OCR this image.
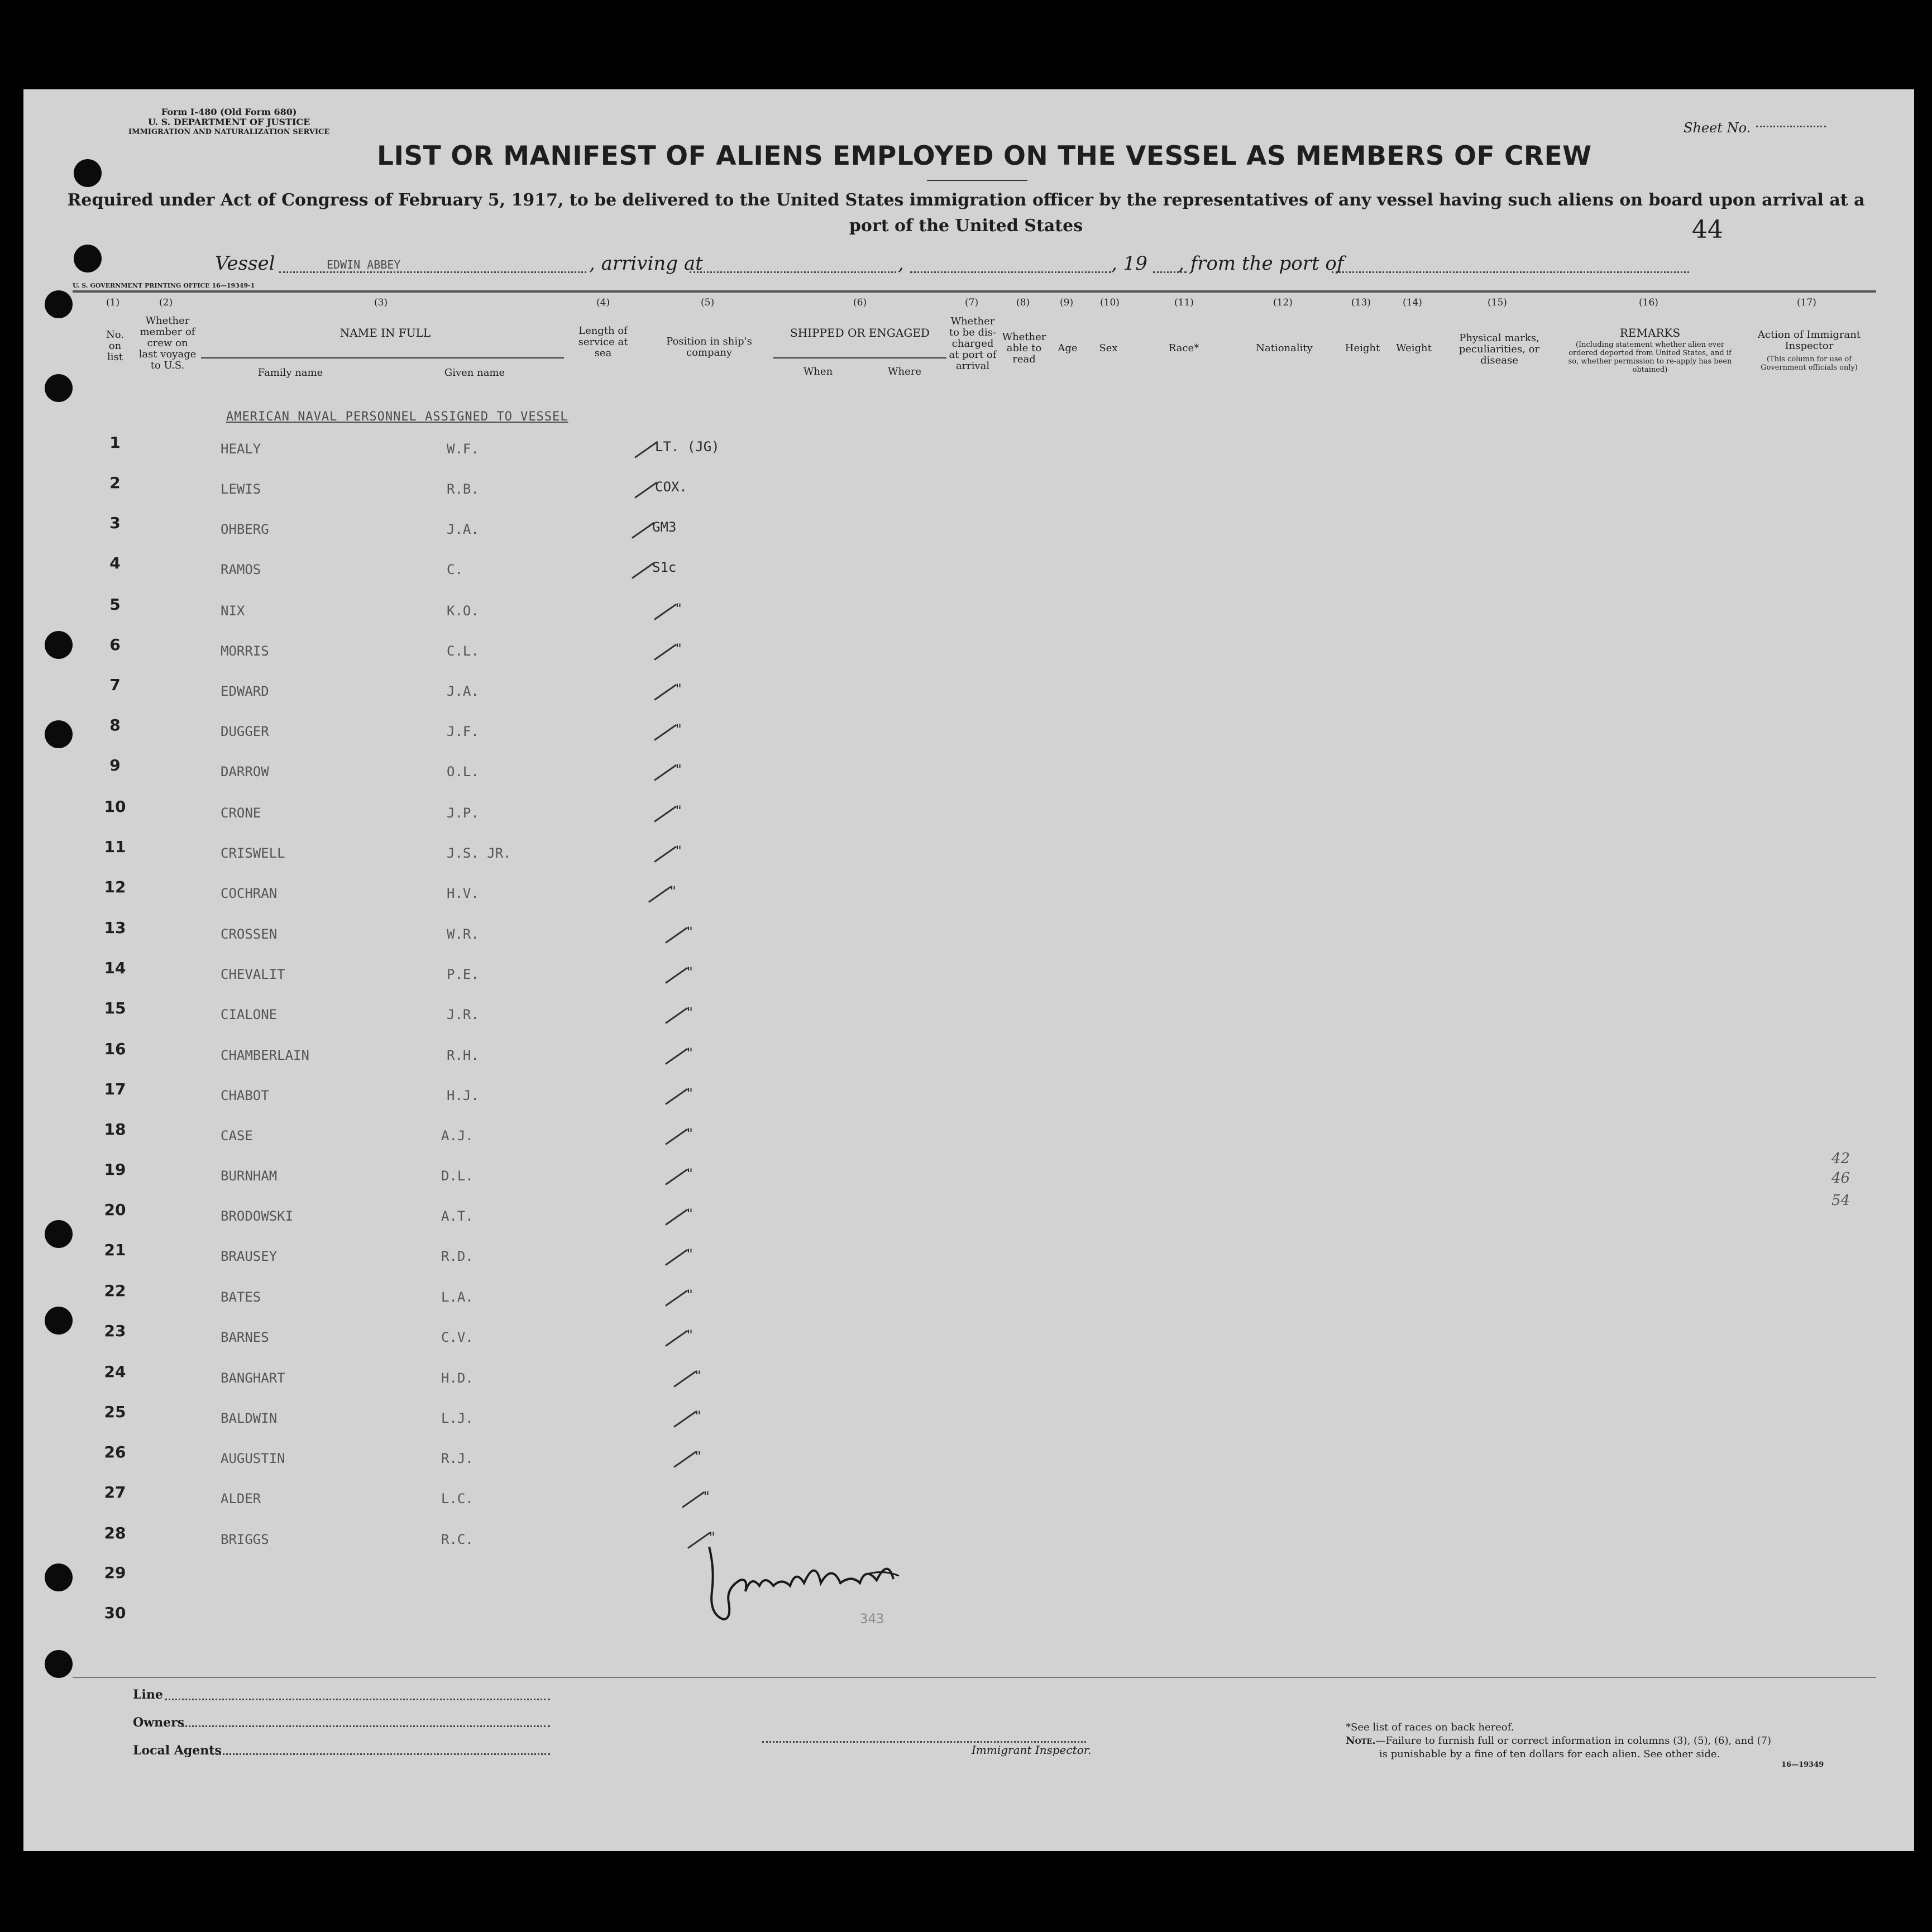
Form I-480 (Old Form 680)
U. S. DEPARTMENT OF JUSTICE
IMMIGRATION AND NATURALIZATION SERVICE	Sheet No.
LIST OR MANIFEST OF ALIENS EMPLOYED ON THE VESSEL AS MEMBERS OF CREW
Required under Act of Congress of February 5, 1917, to be delivered to the United States immigration officer by the representatives of any vessel having such aliens on board upon arrival at a
port of the United States	44
Vessel	EDWIN ABBEY	, arriving at	,	, 19 , from the port of
U. S. GOVERNMENT PRINTING OFFICE 16—19349-1
(1)	(2)	(3)	(4)	(5)	(6)	(7)	(8)	(9)	(10)	(11)	(12)	(13)	(14)	(15)	(16)	(17)
No. on list
Whether member of crew on last voyage to U.S.
NAME IN FULL
Family name	Given name
Length of service at sea
Position in ship's company
SHIPPED OR ENGAGED
When	Where
Whether to be dis-charged at port of arrival
Whether able to read
Age	Sex	Race*	Nationality	Height	Weight
Physical marks, peculiarities, or disease
REMARKS
(Including statement whether alien ever ordered deported from United States, and if so, whether permission to re-apply has been obtained)
Action of Immigrant Inspector
(This column for use of Government officials only)
AMERICAN NAVAL PERSONNEL ASSIGNED TO VESSEL
1	HEALY	W.F.	LT. (JG)
2	LEWIS	R.B.	COX.
3	OHBERG	J.A.	GM3
4	RAMOS	C.	S1c
5	NIX	K.O.	"
6	MORRIS	C.L.	"
7	EDWARD	J.A.	"
8	DUGGER	J.F.	"
9	DARROW	O.L.	"
10	CRONE	J.P.	"
11	CRISWELL	J.S. JR.	"
12	COCHRAN	H.V.	"
13	CROSSEN	W.R.	"
14	CHEVALIT	P.E.	"
15	CIALONE	J.R.	"
16	CHAMBERLAIN	R.H.	"
17	CHABOT	H.J.	"
18	CASE	A.J.	"
19	BURNHAM	D.L.	"
20	BRODOWSKI	A.T.	"
21	BRAUSEY	R.D.	"
22	BATES	L.A.	"
23	BARNES	C.V.	"
24	BANGHART	H.D.	"
25	BALDWIN	L.J.	"
26	AUGUSTIN	R.J.	"
27	ALDER	L.C.	"
28	BRIGGS	R.C.	"
29
30	343
42
46
54
Line
Owners
Local Agents	Immigrant Inspector.
*See list of races on back hereof.
Note.—Failure to furnish full or correct information in columns (3), (5), (6), and (7)
is punishable by a fine of ten dollars for each alien. See other side.
16—19349
